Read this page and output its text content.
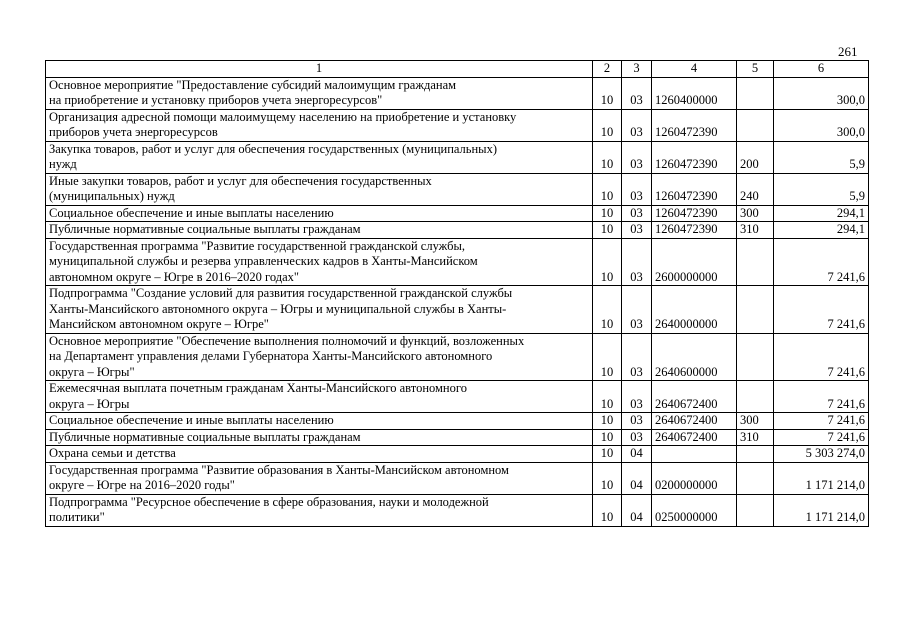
261
1	2	3	4	5	6

Основное мероприятие "Предоставление субсидий малоимущим гражданам
на приобретение и установку приборов учета энергоресурсов"	10	03	1260400000		300,0

Организация адресной помощи малоимущему населению на приобретение и установку
приборов учета энергоресурсов	10	03	1260472390		300,0

Закупка товаров, работ и услуг для обеспечения государственных (муниципальных)
нужд	10	03	1260472390	200	5,9

Иные закупки товаров, работ и услуг для обеспечения государственных
(муниципальных) нужд	10	03	1260472390	240	5,9

Социальное обеспечение и иные выплаты населению	10	03	1260472390	300	294,1

Публичные нормативные социальные выплаты гражданам	10	03	1260472390	310	294,1

Государственная программа "Развитие государственной гражданской службы,
муниципальной службы и резерва управленческих кадров в Ханты-Мансийском
автономном округе – Югре в 2016–2020 годах"	10	03	2600000000		7 241,6

Подпрограмма "Создание условий для развития государственной гражданской службы
Ханты-Мансийского автономного округа – Югры и муниципальной службы в Ханты-
Мансийском автономном округе – Югре"	10	03	2640000000		7 241,6

Основное мероприятие "Обеспечение выполнения полномочий и функций, возложенных
на Департамент управления делами Губернатора Ханты-Мансийского автономного
округа – Югры"	10	03	2640600000		7 241,6

Ежемесячная выплата почетным гражданам Ханты-Мансийского автономного
округа – Югры	10	03	2640672400		7 241,6

Социальное обеспечение и иные выплаты населению	10	03	2640672400	300	7 241,6

Публичные нормативные социальные выплаты гражданам	10	03	2640672400	310	7 241,6

Охрана семьи и детства	10	04			5 303 274,0

Государственная программа "Развитие образования в Ханты-Мансийском автономном
округе – Югре на 2016–2020 годы"	10	04	0200000000		1 171 214,0

Подпрограмма "Ресурсное обеспечение в сфере образования, науки и молодежной
политики"	10	04	0250000000		1 171 214,0
